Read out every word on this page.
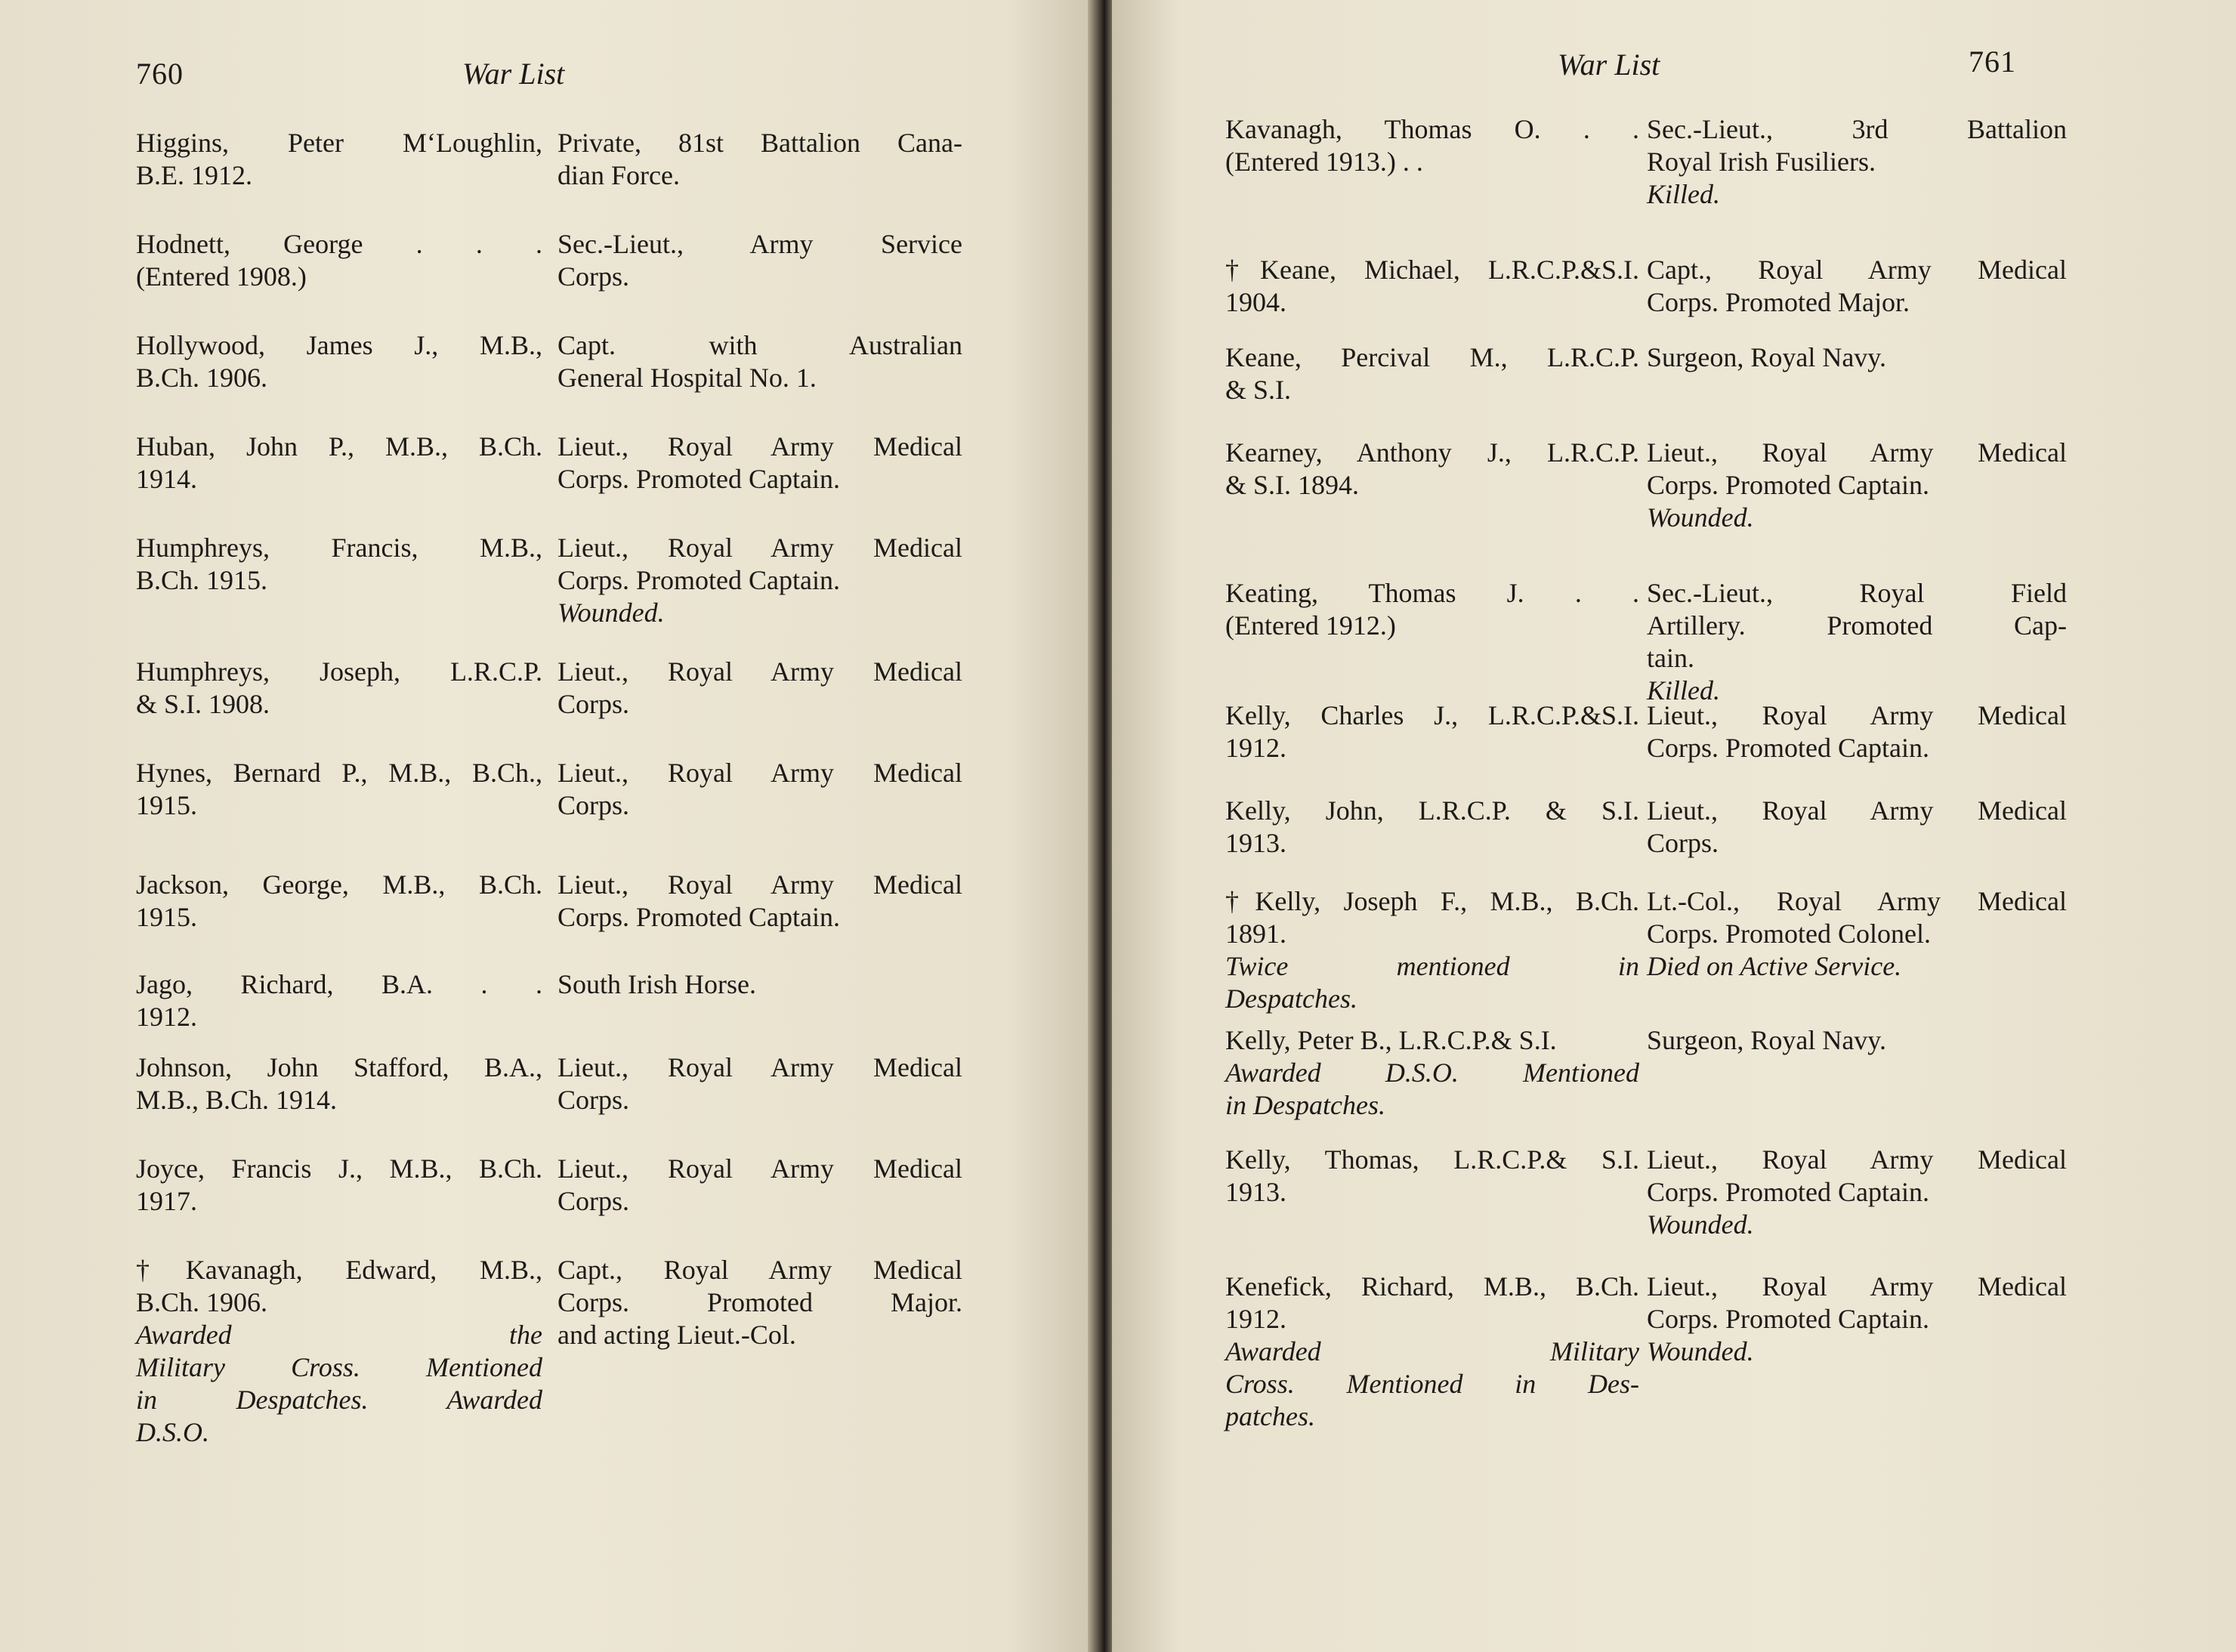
760	War List
Higgins, Peter M‘Loughlin,
B.E. 1912.
Private, 81st Battalion Cana-
dian Force.
Hodnett, George . . .
(Entered 1908.)
Sec.-Lieut., Army Service
Corps.
Hollywood, James J., M.B.,
B.Ch. 1906.
Capt. with Australian
General Hospital No. 1.
Huban, John P., M.B., B.Ch.
1914.
Lieut., Royal Army Medical
Corps. Promoted Captain.
Humphreys, Francis, M.B.,
B.Ch. 1915.
Lieut., Royal Army Medical
Corps. Promoted Captain.
Wounded.
Humphreys, Joseph, L.R.C.P.
& S.I. 1908.
Lieut., Royal Army Medical
Corps.
Hynes, Bernard P., M.B., B.Ch.,
1915.
Lieut., Royal Army Medical
Corps.
Jackson, George, M.B., B.Ch.
1915.
Lieut., Royal Army Medical
Corps. Promoted Captain.
Jago, Richard, B.A. . .
1912.
South Irish Horse.
Johnson, John Stafford, B.A.,
M.B., B.Ch. 1914.
Lieut., Royal Army Medical
Corps.
Joyce, Francis J., M.B., B.Ch.
1917.
Lieut., Royal Army Medical
Corps.
†Kavanagh, Edward, M.B.,
B.Ch. 1906.
Awarded the
Military Cross. Mentioned
in Despatches. Awarded
D.S.O.
Capt., Royal Army Medical
Corps. Promoted Major.
and acting Lieut.-Col.
War List	761
Kavanagh, Thomas O. . .
(Entered 1913.) . .
Sec.-Lieut., 3rd Battalion
Royal Irish Fusiliers.
Killed.
†Keane, Michael, L.R.C.P.&S.I.
1904.
Capt., Royal Army Medical
Corps. Promoted Major.
Keane, Percival M., L.R.C.P.
& S.I.
Surgeon, Royal Navy.
Kearney, Anthony J., L.R.C.P.
& S.I. 1894.
Lieut., Royal Army Medical
Corps. Promoted Captain.
Wounded.
Keating, Thomas J. . .
(Entered 1912.)
Sec.-Lieut., Royal Field
Artillery. Promoted Cap-
tain.
Killed.
Kelly, Charles J., L.R.C.P.&S.I.
1912.
Lieut., Royal Army Medical
Corps. Promoted Captain.
Kelly, John, L.R.C.P. & S.I.
1913.
Lieut., Royal Army Medical
Corps.
†Kelly, Joseph F., M.B., B.Ch.
1891.
Twice mentioned in
Despatches.
Lt.-Col., Royal Army Medical
Corps. Promoted Colonel.
Died on Active Service.
Kelly, Peter B., L.R.C.P.& S.I.
Awarded D.S.O. Mentioned
in Despatches.
Surgeon, Royal Navy.
Kelly, Thomas, L.R.C.P.& S.I.
1913.
Lieut., Royal Army Medical
Corps. Promoted Captain.
Wounded.
Kenefick, Richard, M.B., B.Ch.
1912.
Awarded Military
Cross. Mentioned in Des-
patches.
Lieut., Royal Army Medical
Corps. Promoted Captain.
Wounded.
